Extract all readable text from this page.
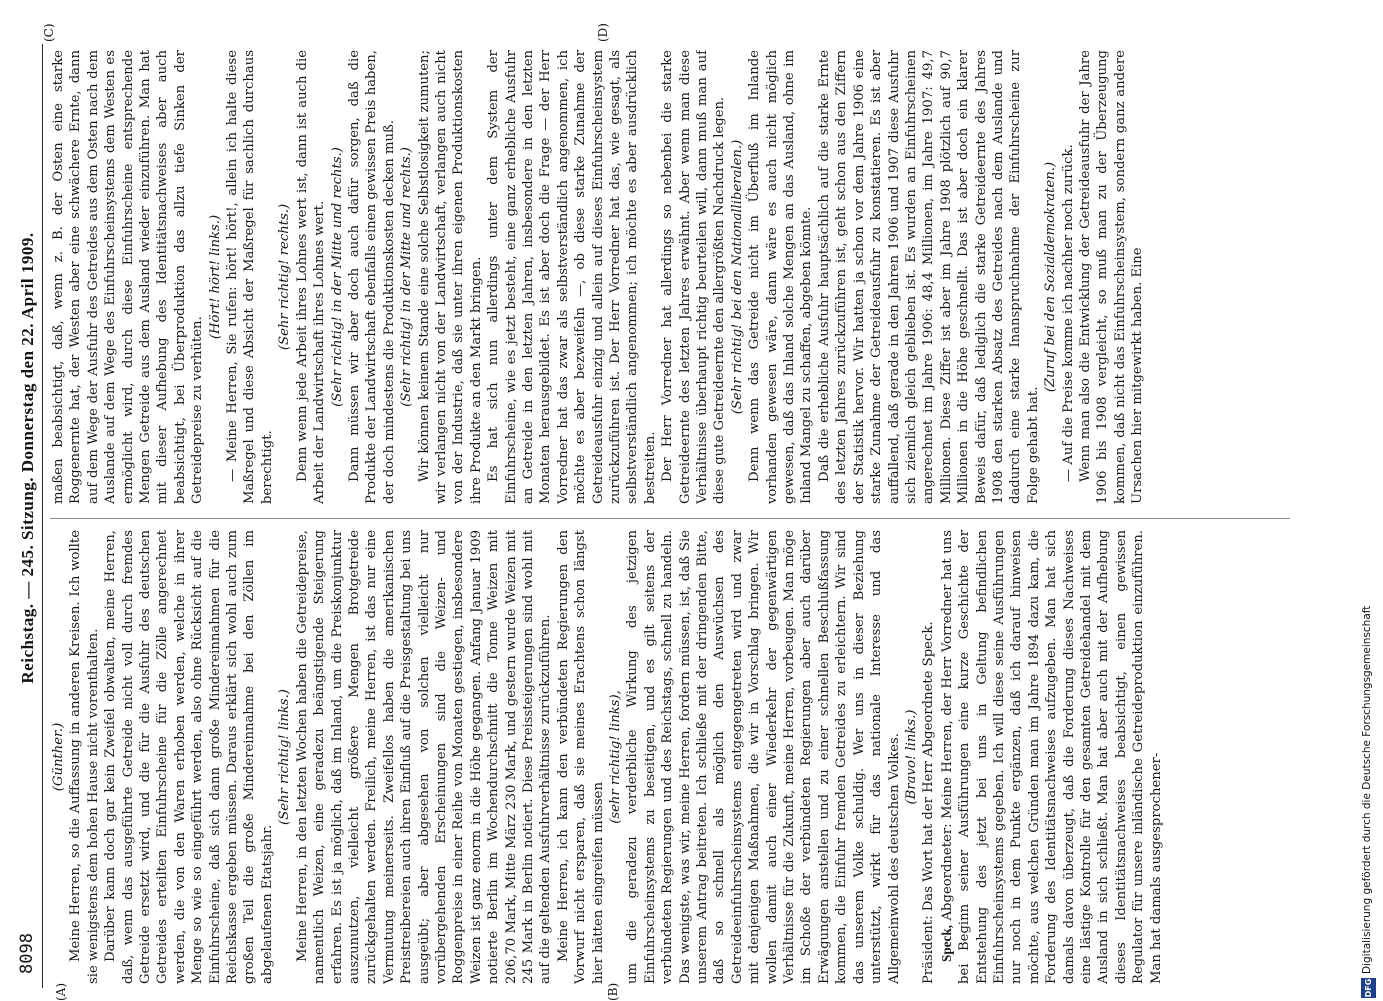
8098
Reichstag. — 245. Sitzung. Donnerstag den 22. April 1909.
(A)	(B)
(C)	(D)

(Günther.) Meine Herren, so die Auffassung in anderen Kreisen. Ich wollte sie wenigstens dem hohen Hause nicht vorenthalten. Darüber kann doch gar kein Zweifel obwalten, meine Herren, daß, wenn das ausgeführte Getreide nicht voll durch fremdes Getreide ersetzt wird, und die für die Ausfuhr des deutschen Getreides erteilten Einfuhrscheine für die Zölle angerechnet werden, die von den Waren erhoben werden, welche in ihrer Menge so wie so eingeführt werden, also ohne Rücksicht auf die Einfuhrscheine, daß sich dann große Mindereinnahmen für die Reichskasse ergeben müssen. Daraus erklärt sich wohl auch zum großen Teil die große Mindereinnahme bei den Zöllen im abgelaufenen Etatsjahr.

(Sehr richtig! links.) Meine Herren, in den letzten Wochen haben die Getreidepreise, namentlich Weizen, eine geradezu beängstigende Steigerung erfahren. Es ist ja möglich, daß im Inland, um die Preiskonjunktur auszunutzen, vielleicht größere Mengen Brotgetreide zurückgehalten werden. Freilich, meine Herren, ist das nur eine Vermutung meinerseits. Zweifellos haben die amerikanischen Preistreibereien auch ihren Einfluß auf die Preisgestaltung bei uns ausgeübt; aber abgesehen von solchen vielleicht nur vorübergehenden Erscheinungen sind die Weizen- und Roggenpreise in einer Reihe von Monaten gestiegen, insbesondere Weizen ist ganz enorm in die Höhe gegangen. Anfang Januar 1909 notierte Berlin im Wochendurchschnitt die Tonne Weizen mit 206,70 Mark, Mitte März 230 Mark, und gestern wurde Weizen mit 245 Mark in Berlin notiert. Diese Preissteigerungen sind wohl mit auf die geltenden Ausfuhrverhältnisse zurückzuführen. Meine Herren, ich kann den verbündeten Regierungen den Vorwurf nicht ersparen, daß sie meines Erachtens schon längst hier hätten eingreifen müssen

(sehr richtig! links), um die geradezu verderbliche Wirkung des jetzigen Einfuhrscheinsystems zu beseitigen, und es gilt seitens der verbündeten Regierungen und des Reichstags, schnell zu handeln. Das wenigste, was wir, meine Herren, fordern müssen, ist, daß Sie unserem Antrag beitreten. Ich schließe mit der dringenden Bitte, daß so schnell als möglich den Auswüchsen des Getreideeinfuhrscheinsystems entgegengetreten wird und zwar mit denjenigen Maßnahmen, die wir in Vorschlag bringen. Wir wollen damit auch einer Wiederkehr der gegenwärtigen Verhältnisse für die Zukunft, meine Herren, vorbeugen. Man möge im Schoße der verbündeten Regierungen aber auch darüber Erwägungen anstellen und zu einer schnellen Beschlußfassung kommen, die Einfuhr fremden Getreides zu erleichtern. Wir sind das unserem Volke schuldig. Wer uns in dieser Beziehung unterstützt, wirkt für das nationale Interesse und das Allgemeinwohl des deutschen Volkes. (Bravo! links.) Präsident: Das Wort hat der Herr Abgeordnete Speck. Speck, Abgeordneter: Meine Herren, der Herr Vorredner hat uns bei Beginn seiner Ausführungen eine kurze Geschichte der Entstehung des jetzt bei uns in Geltung befindlichen Einfuhrscheinsystems gegeben. Ich will diese seine Ausführungen nur noch in dem Punkte ergänzen, daß ich darauf hinweisen möchte, aus welchen Gründen man im Jahre 1894 dazu kam, die Forderung des Identitätsnachweises aufzugeben. Man hat sich damals davon überzeugt, daß die Forderung dieses Nachweises eine lästige Kontrolle für den gesamten Getreidehandel mit dem Ausland in sich schließt. Man hat aber auch mit der Aufhebung dieses Identitätsnachweises beabsichtigt, einen gewissen Regulator für unsere inländische Getreideproduktion einzuführen. Man hat damals ausgesprochener-

maßen beabsichtigt, daß, wenn z. B. der Osten eine starke Roggenernte hat, der Westen aber eine schwächere Ernte, dann auf dem Wege der Ausfuhr des Getreides aus dem Osten nach dem Auslande auf dem Wege des Einfuhrscheinsystems dem Westen es ermöglicht wird, durch diese Einfuhrscheine entsprechende Mengen Getreide aus dem Ausland wieder einzuführen. Man hat mit dieser Aufhebung des Identitätsnachweises aber auch beabsichtigt, bei Überproduktion das allzu tiefe Sinken der Getreidepreise zu verhüten.

(Hört! hört! links.) — Meine Herren, Sie rufen: hört! hört!, allein ich halte diese Maßregel und diese Absicht der Maßregel für sachlich durchaus berechtigt.

(Sehr richtig! rechts.) Denn wenn jede Arbeit ihres Lohnes wert ist, dann ist auch die Arbeit der Landwirtschaft ihres Lohnes wert. (Sehr richtig! in der Mitte und rechts.) Dann müssen wir aber doch auch dafür sorgen, daß die Produkte der Landwirtschaft ebenfalls einen gewissen Preis haben, der doch mindestens die Produktionskosten decken muß. (Sehr richtig! in der Mitte und rechts.) Wir können keinem Stande eine solche Selbstlosigkeit zumuten; wir verlangen nicht von der Landwirtschaft, verlangen auch nicht von der Industrie, daß sie unter ihren eigenen Produktionskosten ihre Produkte an den Markt bringen. Es hat sich nun allerdings unter dem System der Einfuhrscheine, wie es jetzt besteht, eine ganz erhebliche Ausfuhr an Getreide in den letzten Jahren, insbesondere in den letzten Monaten herausgebildet. Es ist aber doch die Frage — der Herr Vorredner hat das zwar als selbstverständlich angenommen, ich möchte es aber bezweifeln —, ob diese starke Zunahme der Getreideausfuhr einzig und allein auf dieses Einfuhrscheinsystem zurückzuführen ist. Der Herr Vorredner hat das, wie gesagt, als selbstverständlich angenommen; ich möchte es aber ausdrücklich bestreiten. Der Herr Vorredner hat allerdings so nebenbei die starke Getreideernte des letzten Jahres erwähnt. Aber wenn man diese Verhältnisse überhaupt richtig beurteilen will, dann muß man auf diese gute Getreideernte den allergrößten Nachdruck legen. (Sehr richtig! bei den Nationalliberalen.) Denn wenn das Getreide nicht im Überfluß im Inlande vorhanden gewesen wäre, dann wäre es auch nicht möglich gewesen, daß das Inland solche Mengen an das Ausland, ohne im Inland Mangel zu schaffen, abgeben könnte. Daß die erhebliche Ausfuhr hauptsächlich auf die starke Ernte des letzten Jahres zurückzuführen ist, geht schon aus den Ziffern der Statistik hervor. Wir hatten ja schon vor dem Jahre 1906 eine starke Zunahme der Getreideausfuhr zu konstatieren. Es ist aber auffallend, daß gerade in den Jahren 1906 und 1907 diese Ausfuhr sich ziemlich gleich geblieben ist. Es wurden an Einfuhrscheinen angerechnet im Jahre 1906: 48,4 Millionen, im Jahre 1907: 49,7 Millionen. Diese Ziffer ist aber im Jahre 1908 plötzlich auf 90,7 Millionen in die Höhe geschnellt. Das ist aber doch ein klarer Beweis dafür, daß lediglich die starke Getreideernte des Jahres 1908 den starken Absatz des Getreides nach dem Auslande und dadurch eine starke Inanspruchnahme der Einfuhrscheine zur Folge gehabt hat.

(Zuruf bei den Sozialdemokraten.) — Auf die Preise komme ich nachher noch zurück. Wenn man also die Entwicklung der Getreideausfuhr der Jahre 1906 bis 1908 vergleicht, so muß man zu der Überzeugung kommen, daß nicht das Einfuhrscheinsystem, sondern ganz andere Ursachen hier mitgewirkt haben. Eine

DFG
Digitalisierung gefördert durch die Deutsche Forschungsgemeinschaft
